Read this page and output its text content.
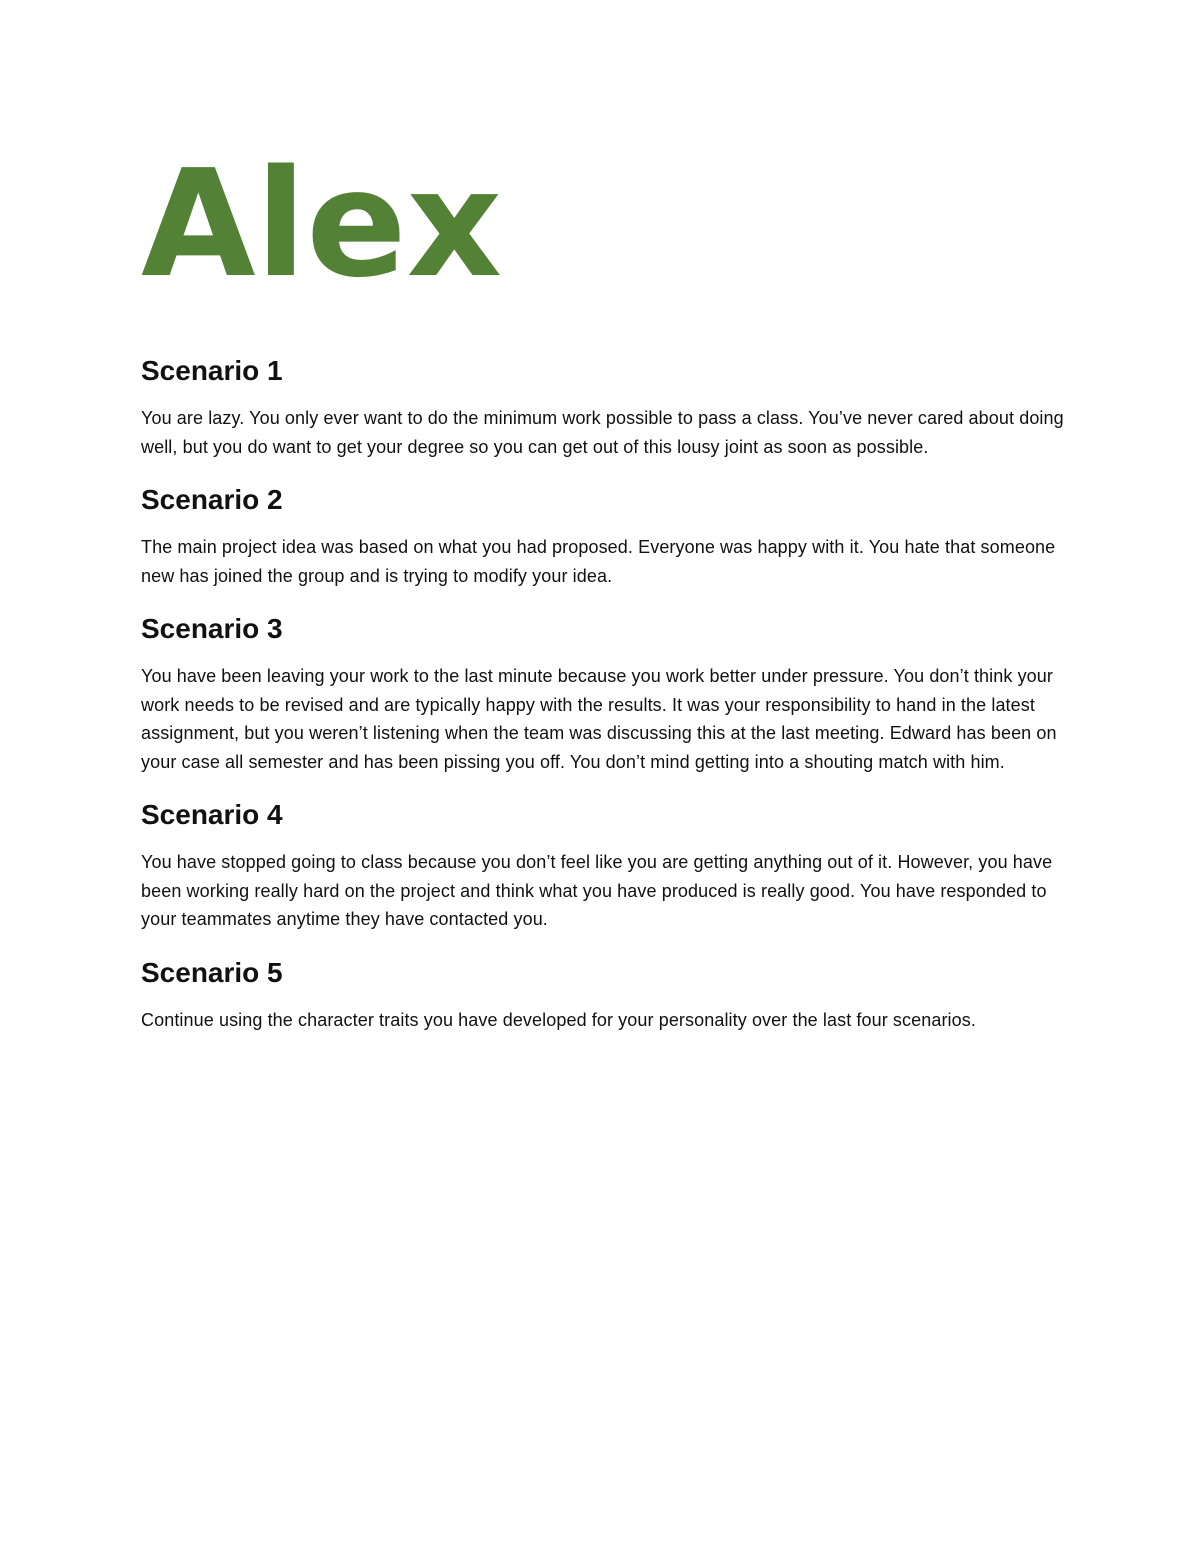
Alex
Scenario 1

You are lazy. You only ever want to do the minimum work possible to pass a class. You’ve never cared about doing well, but you do want to get your degree so you can get out of this lousy joint as soon as possible.

Scenario 2

The main project idea was based on what you had proposed. Everyone was happy with it. You hate that someone new has joined the group and is trying to modify your idea.

Scenario 3

You have been leaving your work to the last minute because you work better under pressure. You don’t think your work needs to be revised and are typically happy with the results. It was your responsibility to hand in the latest assignment, but you weren’t listening when the team was discussing this at the last meeting. Edward has been on your case all semester and has been pissing you off. You don’t mind getting into a shouting match with him.

Scenario 4

You have stopped going to class because you don’t feel like you are getting anything out of it. However, you have been working really hard on the project and think what you have produced is really good. You have responded to your teammates anytime they have contacted you.

Scenario 5

Continue using the character traits you have developed for your personality over the last four scenarios.
